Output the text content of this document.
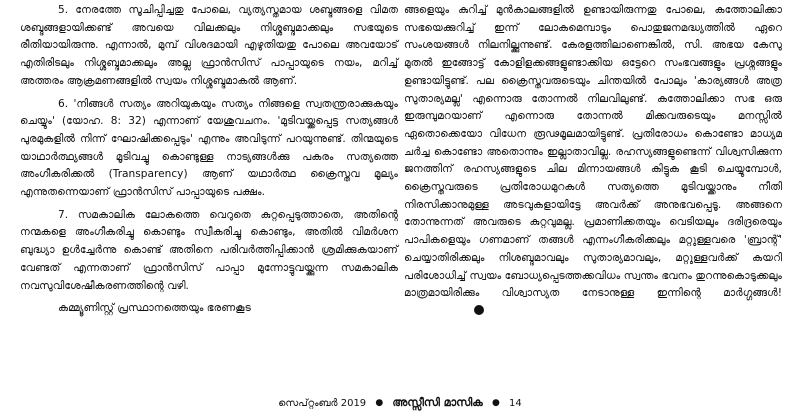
5. നേരത്തേ സൂചിപ്പിച്ചതു പോലെ, വ്യത്യസ്തമായ ശബ്ദങ്ങളെ വിമത ശബ്ദങ്ങളായിക്കണ്ട് അവയെ വിലക്കലും നിശ്ശബ്ദമാക്കലും സഭയുടെ രീതിയായിരുന്നു. എന്നാൽ, മുമ്പ് വിശദമായി എഴുതിയതു പോലെ അവയോട് എതിരിടലും നിശ്ശബ്ദമാക്കലും അല്ല ഫ്രാൻസിസ് പാപ്പായുടെ നയം, മറിച്ച് അത്തരം ആക്രമണങ്ങളിൽ സ്വയം നിശ്ശബ്ദമാകൽ ആണ്.

6. 'നിങ്ങൾ സത്യം അറിയുകയും സത്യം നിങ്ങളെ സ്വതന്ത്രരാക്കുകയും ചെയ്യും' (യോഹ. 8: 32) എന്നാണ് യേശുവചനം. 'മുടിവയ്ക്കപ്പെട്ട സത്യങ്ങൾ പുരമുകളിൽ നിന്ന് ഘോഷിക്കപ്പെടും' എന്നും അവിടുന്ന് പറയുന്നുണ്ട്. തിന്മയുടെ യാഥാർത്ഥ്യങ്ങൾ മൂടിവച്ചു കൊണ്ടുള്ള നാട്യങ്ങൾക്കു പകരം സത്യത്തെ അംഗീകരിക്കൽ (Transparency) ആണ് യഥാർത്ഥ ക്രൈസ്തവ മൂല്യം എന്നുതന്നെയാണ് ഫ്രാൻസിസ് പാപ്പായുടെ പക്ഷം.

7. സമകാലിക ലോകത്തെ വെറുതെ കുറ്റപ്പെടുത്താതെ, അതിന്റെ നന്മകളെ അംഗീകരിച്ചു കൊണ്ടും സ്വീകരിച്ചു കൊണ്ടും, അതിൽ വിമർശന ബുദ്ധ്യാ ഉൾച്ചേർന്നു കൊണ്ട് അതിനെ പരിവർത്തിപ്പിക്കാൻ ശ്രമിക്കുകയാണ് വേണ്ടത് എന്നതാണ് ഫ്രാൻസിസ് പാപ്പാ മുന്നോട്ടുവയ്ക്കുന്ന സമകാലിക നവസുവിശേഷീകരണത്തിന്റെ വഴി.

കമ്മ്യൂണിസ്റ്റ് പ്രസ്ഥാനത്തെയും ഭരണകൂട

ങ്ങളെയും കുറിച്ച് മുൻകാലങ്ങളിൽ ഉണ്ടായിരുന്നതു പോലെ, കത്തോലിക്കാ സഭയെക്കുറിച്ച് ഇന്ന് ലോകമെമ്പാടും പൊതുജനമദ്ധ്യത്തിൽ ഏറെ സംശയങ്ങൾ നിലനില്ക്കുന്നുണ്ട്. കേരളത്തിലാണെങ്കിൽ, സി. അഭയ കേസു മുതൽ ഇങ്ങോട്ട് കോളിളക്കങ്ങളുണ്ടാക്കിയ ഒട്ടേറെ സംഭവങ്ങളും പ്രശ്നങ്ങളും ഉണ്ടായിട്ടുണ്ട്. പല ക്രൈസ്തവരുടെയും ചിന്തയിൽ പോലും 'കാര്യങ്ങൾ അത്ര സുതാര്യമല്ല' എന്നൊരു തോന്നൽ നിലവിലുണ്ട്. കത്തോലിക്കാ സഭ ഒരു ഇരുമ്പുമറയാണ് എന്നൊരു തോന്നൽ മിക്കവരുടെയും മനസ്സിൽ ഏതൊക്കെയോ വിധേന രൂഢമൂലമായിട്ടുണ്ട്. പ്രതിരോധം കൊണ്ടോ മാധ്യമ ചർച്ച കൊണ്ടോ അതൊന്നും ഇല്ലാതാവില്ല. രഹസ്യങ്ങളുണ്ടെന്ന് വിശ്വസിക്കുന്ന ജനത്തിന് രഹസ്യങ്ങളുടെ ചില മിന്നായങ്ങൾ കിട്ടുക കൂടി ചെയ്യുമ്പോൾ, ക്രൈസ്തവരുടെ പ്രതിരോധമുറകൾ സത്യത്തെ മൂടിവയ്ക്കാനും നീതി നിരസിക്കാനുമുള്ള അടവുകളായിട്ടേ അവർക്ക് അനുഭവപ്പെടൂ. അങ്ങനെ തോന്നുന്നത് അവരുടെ കുറ്റവുമല്ല. പ്രമാണിക്കതയും വെടിയലും ദരിദ്രരെയും പാപികളെയും ഗണമാണ് തങ്ങൾ എന്നംഗീകരിക്കലും മറ്റുള്ളവരെ 'ബ്രാന്റ്' ചെയ്യാതിരിക്കലും നിശബ്ദമാവലും സുതാര്യമാവലും, മറ്റുള്ളവർക്ക് കയറി പരിശോധിച്ച് സ്വയം ബോധ്യപ്പെടത്തക്കവിധം സ്വന്തം ഭവനം തുറന്നുകൊടുക്കലും മാത്രമായിരിക്കും വിശ്വാസ്യത നേടാനുള്ള ഇന്നിന്റെ മാർഗ്ഗങ്ങൾ!

സെപ്റ്റംബർ 2019 ● അസ്സീസി മാസിക ● 14
